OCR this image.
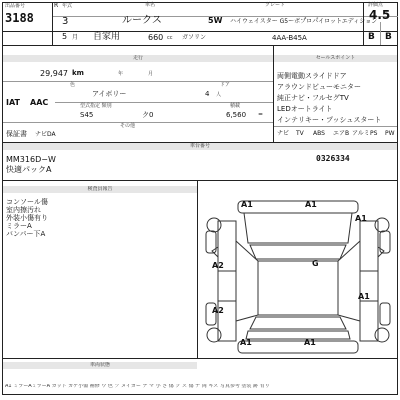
出品番号
3188
R 年式
3
車名
ルークス
グレード
5W ハイウェイスター G5ーボプ゚ロパ゚イロットエディション
評価点
4.5
5 月 自家用	660 cc ガソリン	4AA-B45A	B B
走行
29,947 km	年	月
色	ドア
アイボリー	4 人
IAT AAC	型式指定 類別	積載
S45	ク0	6,560 =
その他
保証書 ナビDA
セールスポイント
両側電動スライドドア
アラウンドビューモニター
純正ナビ・フルセグTV
LEDオートライト
インテリキー・プッシュスタート
ナビ TV ABS エアB アルミ PS PW
車台番号
MM316D−W	0326334
快適パックA
検査員報告
コンソール傷
室内擦汚れ
外装小傷有り
ミラーA
バンパー下A
A1	A1
A1
A2
A2
G
A1
A1	A1
車両状態
A1 ミラーAミラーA カット カゲ小傷 補修 ウ 色 ブ メイカー ナ マ 小 さ 傷 ク ズ 傷 ナ 両 キズ 写真参考 塗装 跡 有り
